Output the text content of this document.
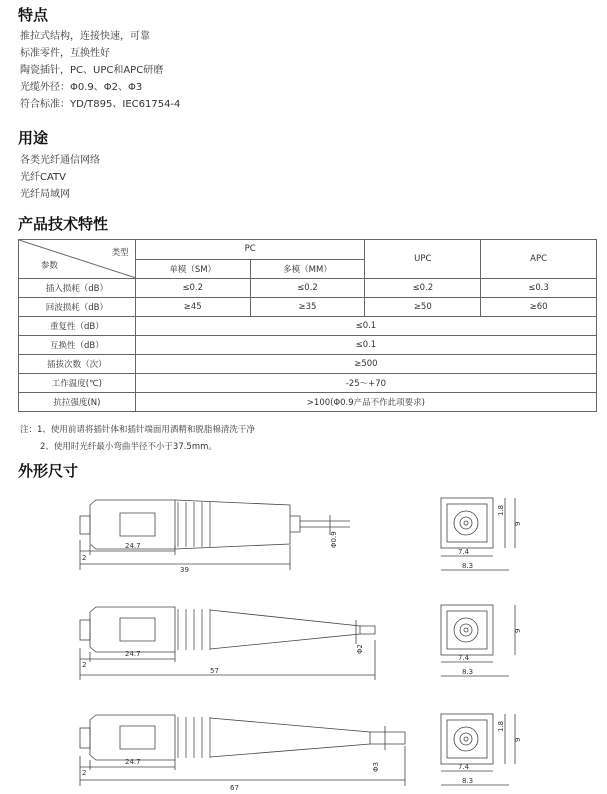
特点
推拉式结构，连接快速，可靠
标准零件，互换性好
陶瓷插针，PC、UPC和APC研磨
光缆外径：Φ0.9、Φ2、Φ3
符合标准：YD/T895、IEC61754-4
用途
各类光纤通信网络
光纤CATV
光纤局域网
产品技术特性
类型
参数	PC		UPC	APC
	单模（SM）	多模（MM）		
插入损耗（dB）	≤0.2	≤0.2	≤0.2	≤0.3
回波损耗（dB）	≥45	≥35	≥50	≥60
重复性（dB）	≤0.1			
互换性（dB）	≤0.1			
插拔次数（次）	≥500			
工作温度(℃)	-25～+70			
抗拉强度(N)	>100(Φ0.9产品不作此项要求)			
注：1、使用前请将插针体和插针端面用酒精和脱脂棉清洗干净
2、使用时光纤最小弯曲半径不小于37.5mm。
外形尺寸
2
24.7
39
Φ0.9
1.8
9
7.4
8.3
2
24.7
57
Φ2
9
7.4
8.3
2
24.7
67
Φ3
1.8
9
7.4
8.3
